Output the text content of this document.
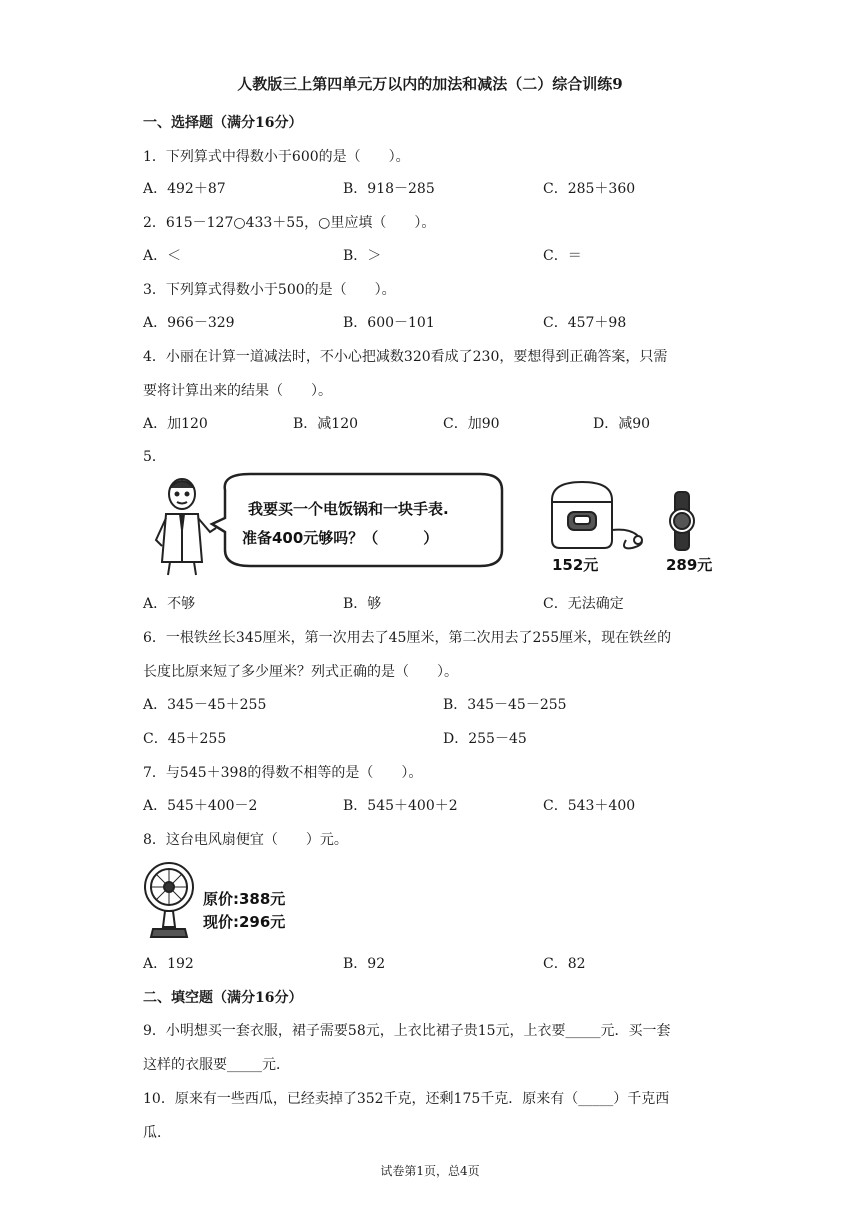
人教版三上第四单元万以内的加法和减法（二）综合训练9
一、选择题（满分16分）
1．下列算式中得数小于600的是（　　）。
A．492＋87	B．918－285	C．285＋360
2．615－127○433＋55，○里应填（　　）。
A．＜	B．＞	C．＝
3．下列算式得数小于500的是（　　）。
A．966－329	B．600－101	C．457＋98
4．小丽在计算一道减法时，不小心把减数320看成了230，要想得到正确答案，只需
要将计算出来的结果（　　）。
A．加120	B．减120	C．加90	D．减90
5．
我要买一个电饭锅和一块手表.
准备400元够吗？（　　　）
152元	289元
A．不够	B．够	C．无法确定
6．一根铁丝长345厘米，第一次用去了45厘米，第二次用去了255厘米，现在铁丝的
长度比原来短了多少厘米？列式正确的是（　　）。
A．345－45＋255	B．345－45－255
C．45＋255	D．255－45
7．与545＋398的得数不相等的是（　　）。
A．545＋400－2	B．545＋400＋2	C．543＋400
8．这台电风扇便宜（　　）元。
原价:388元
现价:296元
A．192	B．92	C．82
二、填空题（满分16分）
9．小明想买一套衣服，裙子需要58元，上衣比裙子贵15元，上衣要_____元．买一套
这样的衣服要_____元．
10．原来有一些西瓜，已经卖掉了352千克，还剩175千克．原来有（_____）千克西
瓜．
试卷第1页，总4页
